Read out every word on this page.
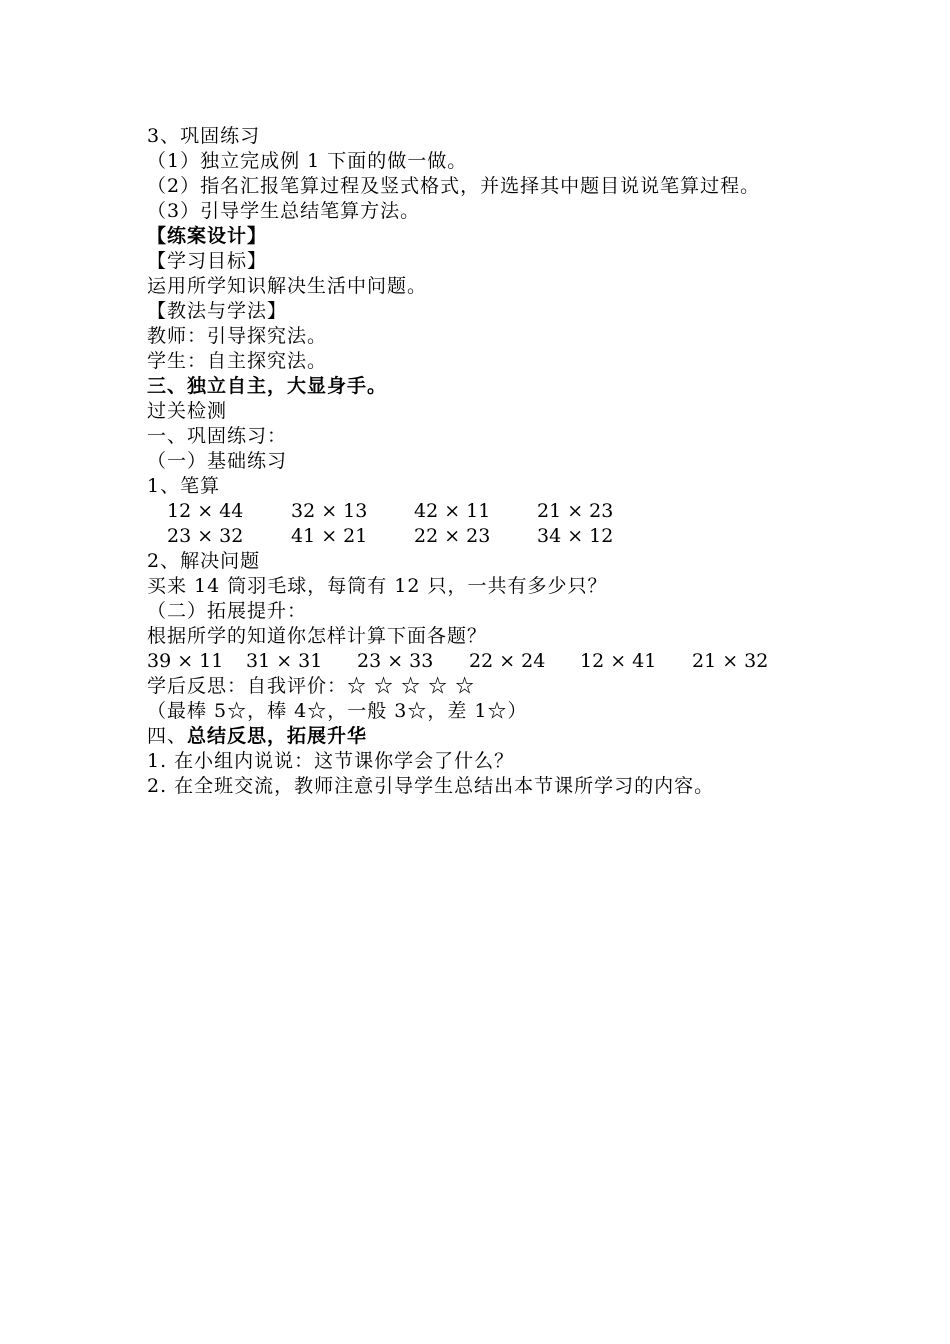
3、巩固练习
（1）独立完成例 1 下面的做一做。
（2）指名汇报笔算过程及竖式格式，并选择其中题目说说笔算过程。
（3）引导学生总结笔算方法。
【练案设计】
【学习目标】
运用所学知识解决生活中问题。
【教法与学法】
教师：引导探究法。
学生：自主探究法。
三、独立自主，大显身手。
过关检测
一、巩固练习：
（一）基础练习
1、笔算
12 × 44	32 × 13 42 × 11 21 × 23
23 × 32	41 × 21 22 × 23 34 × 12
2、解决问题
买来 14 筒羽毛球，每筒有 12 只，一共有多少只？
（二）拓展提升：
根据所学的知道你怎样计算下面各题？
39 × 11 31 × 31 23 × 33 22 × 24 12 × 41 21 × 32
学后反思：自我评价：☆ ☆ ☆ ☆ ☆
（最棒 5☆，棒 4☆，一般 3☆，差 1☆）
四、总结反思，拓展升华
1. 在小组内说说：这节课你学会了什么？
2. 在全班交流，教师注意引导学生总结出本节课所学习的内容。
